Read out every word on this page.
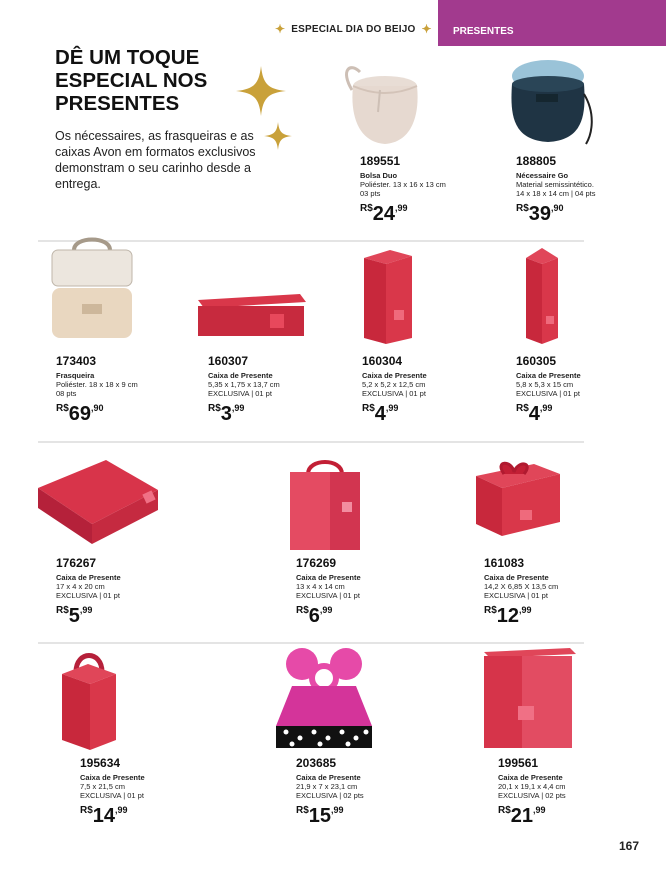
✦ ESPECIAL DIA DO BEIJO ✦ PRESENTES
DÊ UM TOQUE ESPECIAL NOS PRESENTES
Os nécessaires, as frasqueiras e as caixas Avon em formatos exclusivos demonstram o seu carinho desde a entrega.
189551
Bolsa Duo
Poliéster. 13 x 16 x 13 cm
03 pts
$^{R\$}24^{,99}$
188805
Nécessaire Go
Material semissintético.
14 x 18 x 14 cm | 04 pts
$^{R\$}39^{,90}$
173403
Frasqueira
Poliéster. 18 x 18 x 9 cm
08 pts
$^{R\$}69^{,90}$
160307
Caixa de Presente
5,35 x 1,75 x 13,7 cm
EXCLUSIVA | 01 pt
$^{R\$}3^{,99}$
160304
Caixa de Presente
5,2 x 5,2 x 12,5 cm
EXCLUSIVA | 01 pt
$^{R\$}4^{,99}$
160305
Caixa de Presente
5,8 x 5,3 x 15 cm
EXCLUSIVA | 01 pt
$^{R\$}4^{,99}$
176267
Caixa de Presente
17 x 4 x 20 cm
EXCLUSIVA | 01 pt
$^{R\$}5^{,99}$
176269
Caixa de Presente
13 x 4 x 14 cm
EXCLUSIVA | 01 pt
$^{R\$}6^{,99}$
161083
Caixa de Presente
14,2 X 6,85 X 13,5 cm
EXCLUSIVA | 01 pt
$^{R\$}12^{,99}$
195634
Caixa de Presente
7,5 x 21,5 cm
EXCLUSIVA | 01 pt
$^{R\$}14^{,99}$
203685
Caixa de Presente
21,9 x 7 x 23,1 cm
EXCLUSIVA | 02 pts
$^{R\$}15^{,99}$
199561
Caixa de Presente
20,1 x 19,1 x 4,4 cm
EXCLUSIVA | 02 pts
$^{R\$}21^{,99}$
167
